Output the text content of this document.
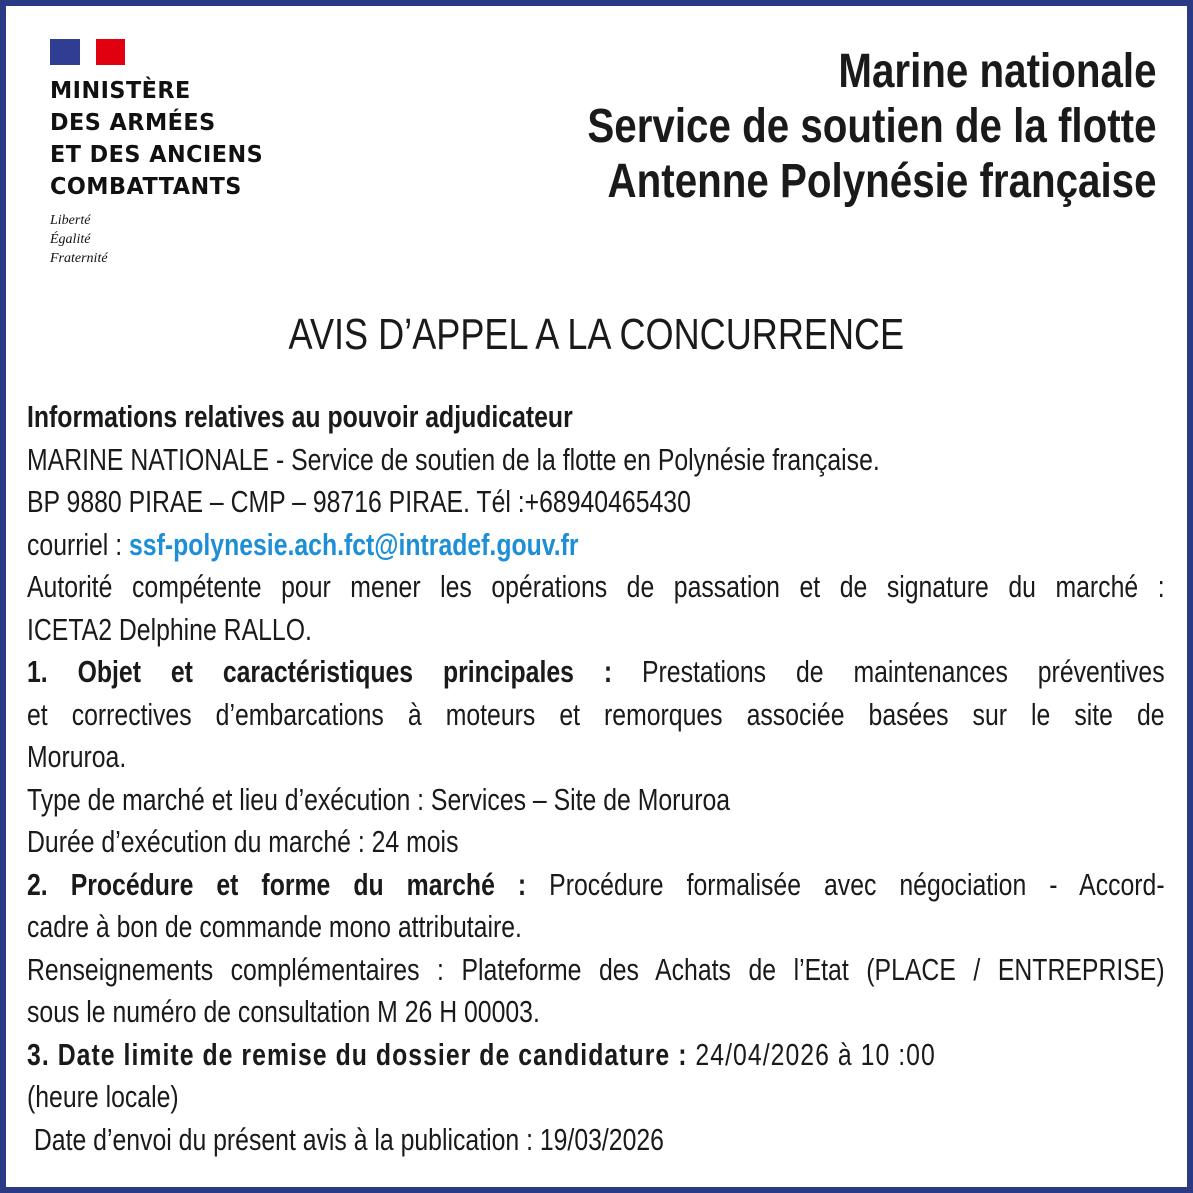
MINISTÈRE
DES ARMÉES
ET DES ANCIENS
COMBATTANTS
Liberté
Égalité
Fraternité
Marine nationale
Service de soutien de la flotte
Antenne Polynésie française
AVIS D’APPEL A LA CONCURRENCE
Informations relatives au pouvoir adjudicateur
MARINE NATIONALE - Service de soutien de la flotte en Polynésie française.
BP 9880 PIRAE – CMP – 98716 PIRAE. Tél :+68940465430
courriel : ssf-polynesie.ach.fct@intradef.gouv.fr
Autorité compétente pour mener les opérations de passation et de signature du marché :
ICETA2 Delphine RALLO.
1. Objet et caractéristiques principales : Prestations de maintenances préventives
et correctives d’embarcations à moteurs et remorques associée basées sur le site de
Moruroa.
Type de marché et lieu d’exécution : Services – Site de Moruroa
Durée d’exécution du marché : 24 mois
2. Procédure et forme du marché : Procédure formalisée avec négociation - Accord-
cadre à bon de commande mono attributaire.
Renseignements complémentaires : Plateforme des Achats de l’Etat (PLACE / ENTREPRISE)
sous le numéro de consultation M 26 H 00003.
3. Date limite de remise du dossier de candidature : 24/04/2026 à 10 :00
(heure locale)
Date d’envoi du présent avis à la publication : 19/03/2026
